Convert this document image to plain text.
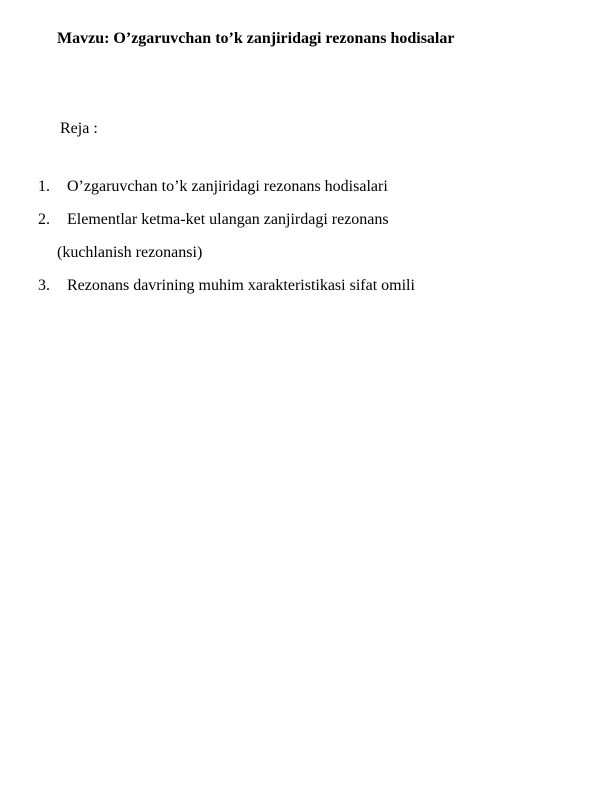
Mavzu: O’zgaruvchan to’k zanjiridagi rezonans hodisalar
Reja :
1. O’zgaruvchan to’k zanjiridagi rezonans hodisalari
2. Elementlar ketma-ket ulangan zanjirdagi rezonans
(kuchlanish rezonansi)
3. Rezonans davrining muhim xarakteristikasi sifat omili
